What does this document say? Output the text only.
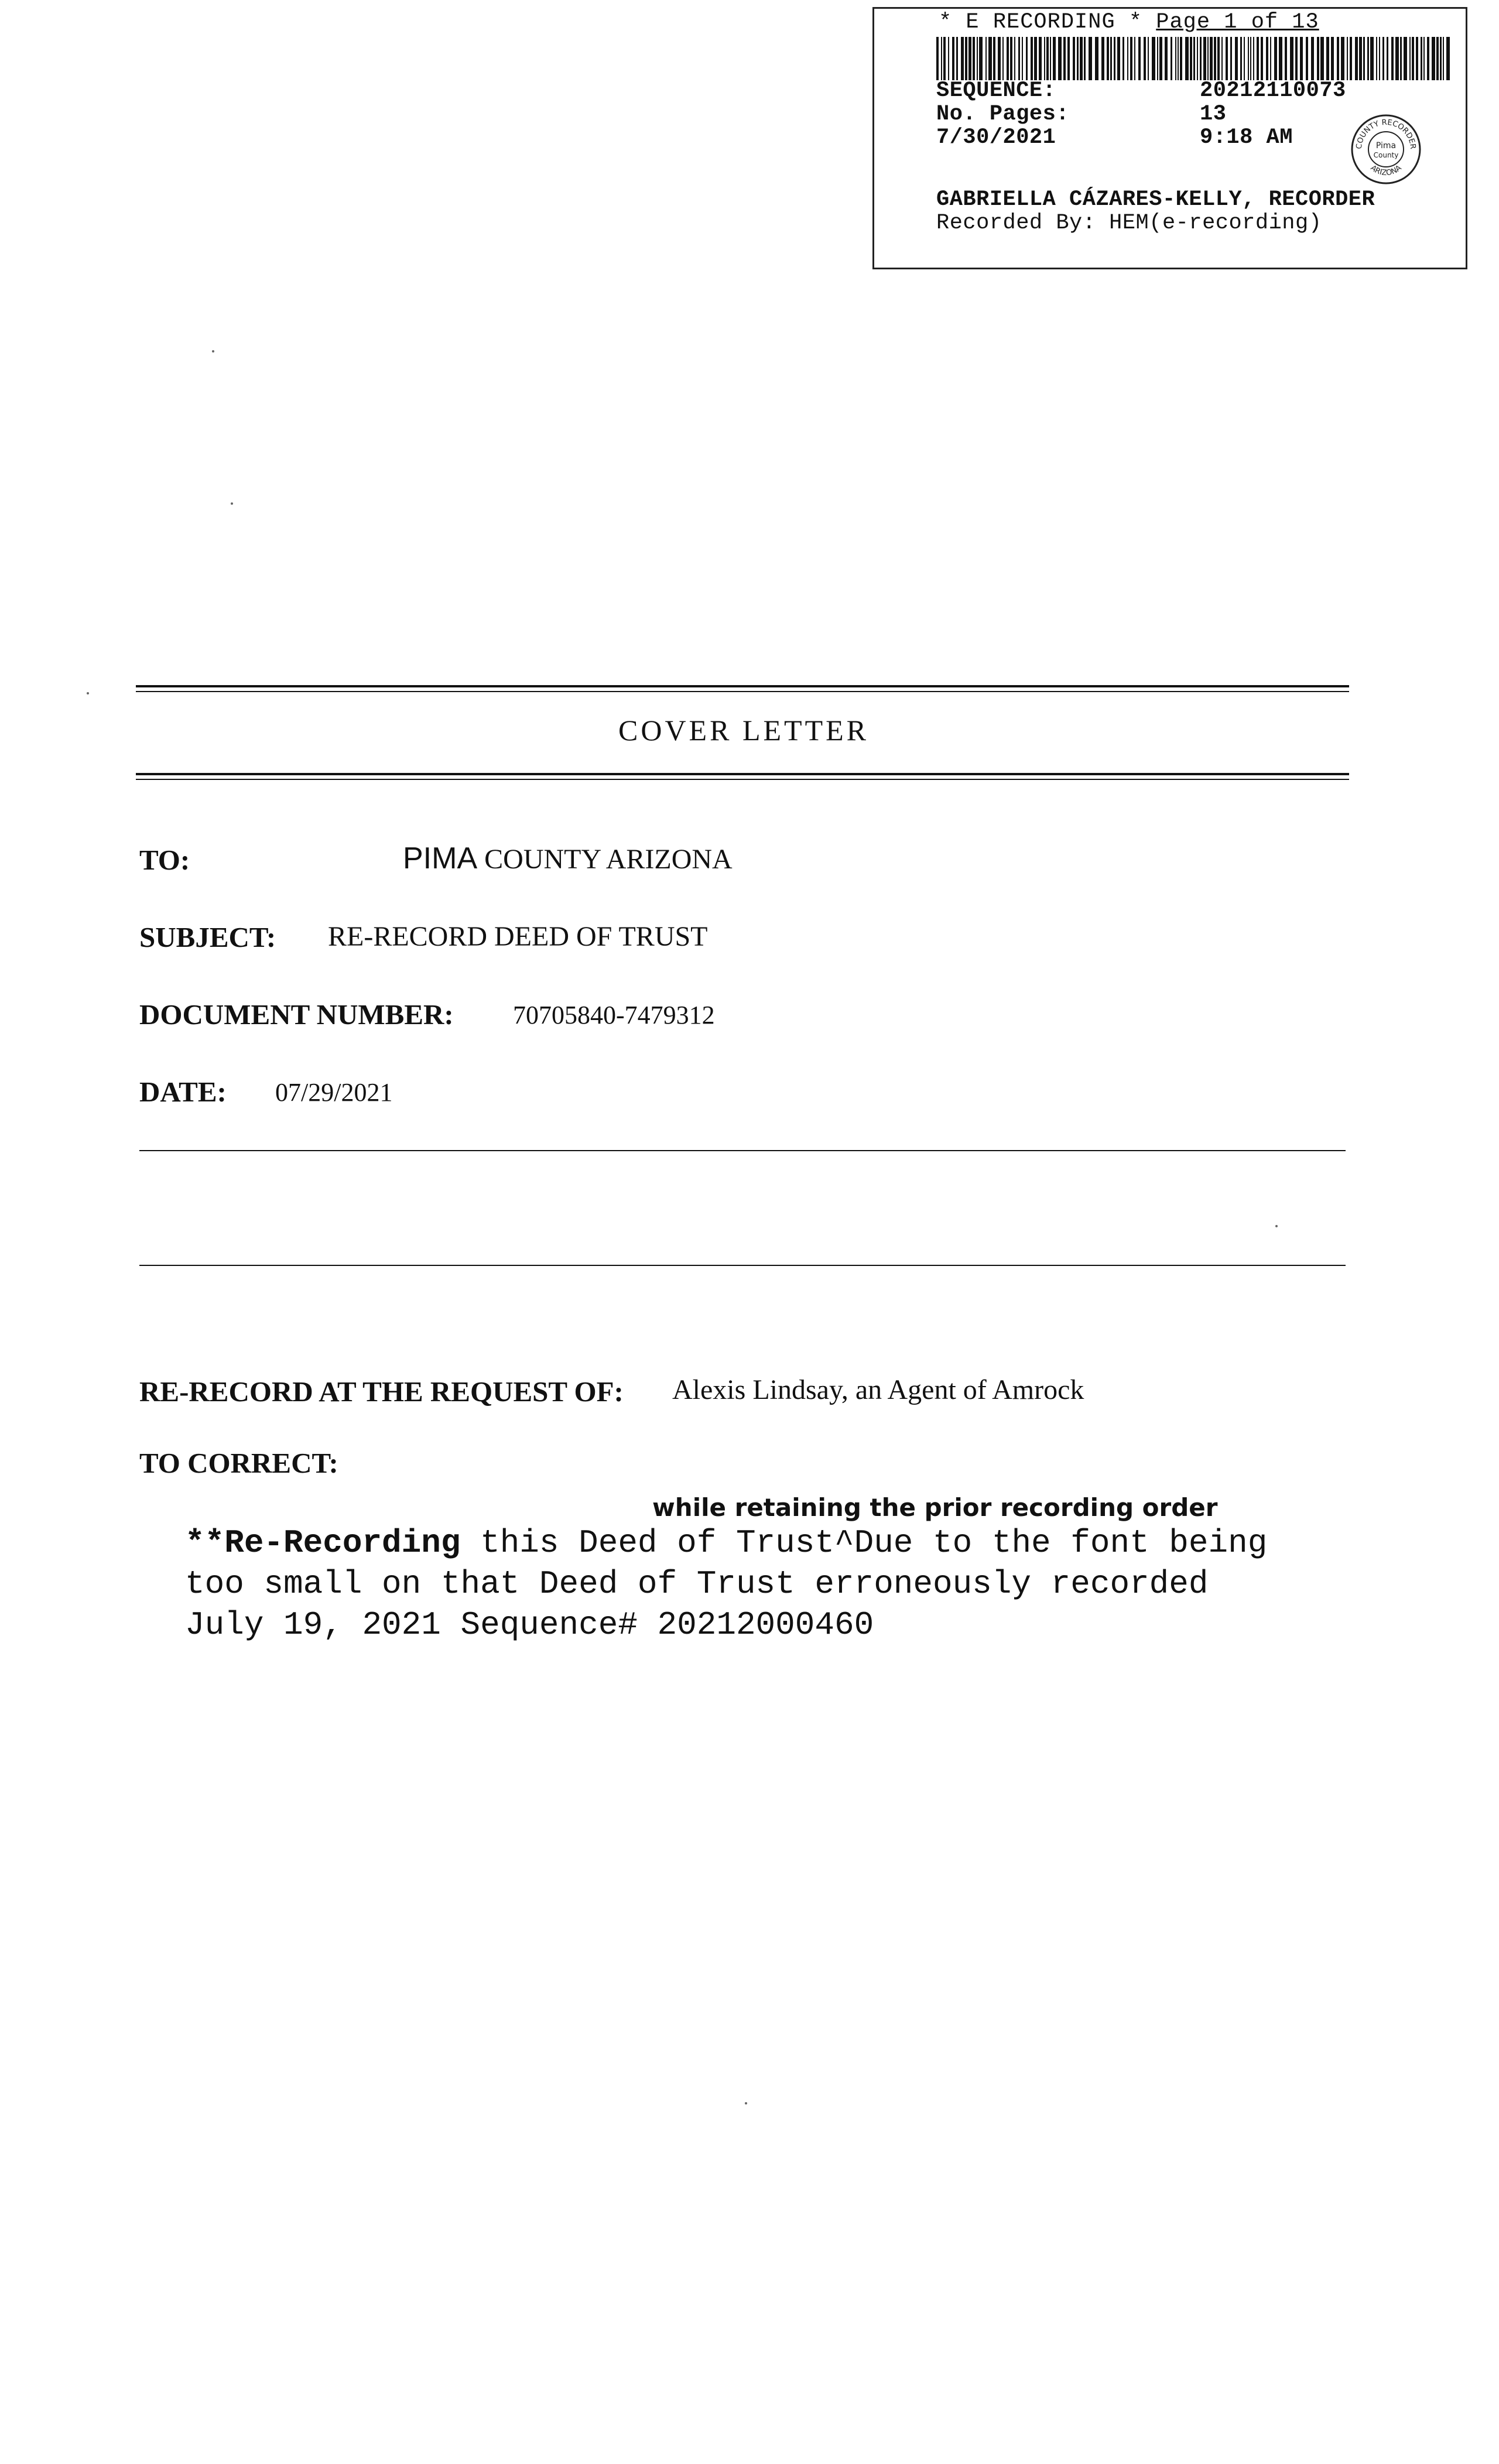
* E RECORDING * Page 1 of 13
SEQUENCE:	20212110073
No. Pages:	13
7/30/2021	9:18 AM	COUNTY RECORDER
ARIZONA
Pima
County
GABRIELLA CÁZARES-KELLY, RECORDER
Recorded By: HEM(e-recording)
COVER LETTER
TO:	PIMA COUNTY ARIZONA
SUBJECT: RE-RECORD DEED OF TRUST
DOCUMENT NUMBER: 70705840-7479312
DATE: 07/29/2021
RE-RECORD AT THE REQUEST OF: Alexis Lindsay, an Agent of Amrock
TO CORRECT:
while retaining the prior recording order
**Re-Recording this Deed of Trust^Due to the font being
too small on that Deed of Trust erroneously recorded
July 19, 2021 Sequence# 20212000460
